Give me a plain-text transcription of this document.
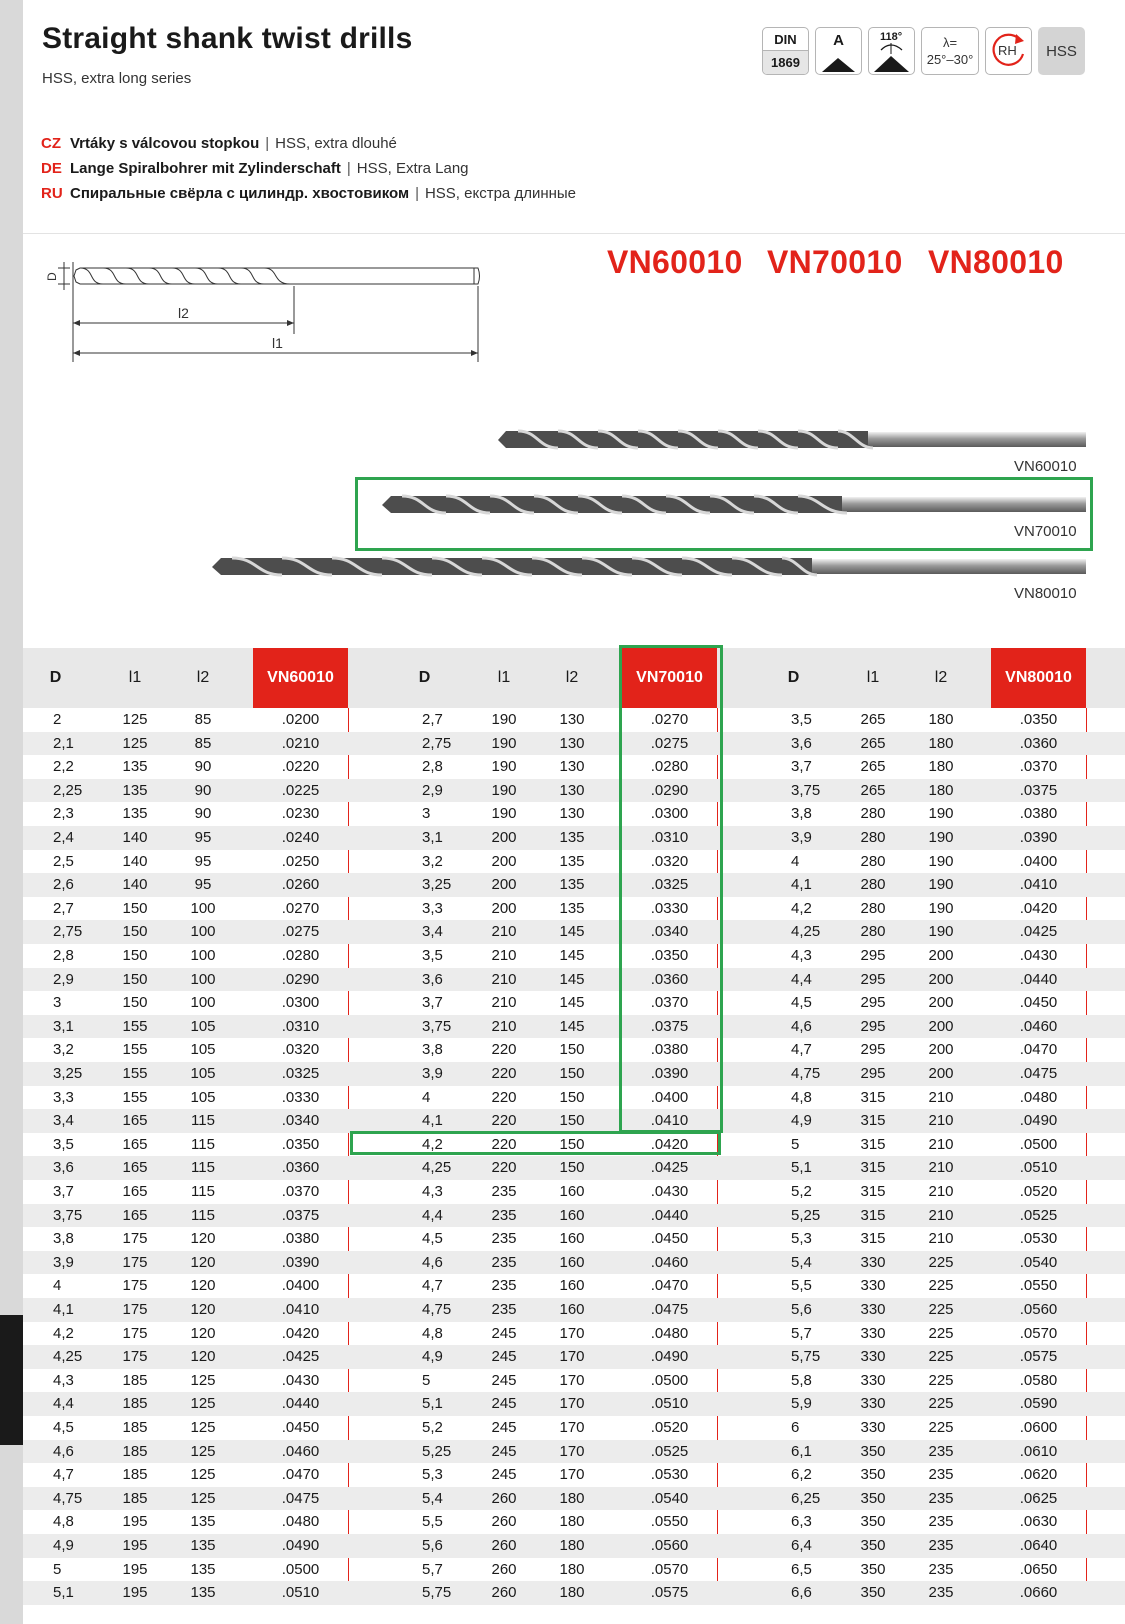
Straight shank twist drills
HSS, extra long series
CZ Vrtáky s válcovou stopkou | HSS, extra dlouhé
DE Lange Spiralbohrer mit Zylinderschaft | HSS, Extra Lang
RU Спиральные свёрла с цилиндр. хвостовиком | HSS, екстра длинные
DIN
1869
A	118°	λ=
25°–30°
RH HSS
VN60010 VN70010 VN80010
D
l2
l1
VN60010
VN70010
VN80010
D	l1	l2	VN60010	D	l1	l2	VN70010	D	l1	l2	VN80010
2	125	85	.0200	2,7	190	130	.0270	3,5	265	180	.0350
2,1	125	85	.0210	2,75	190	130	.0275	3,6	265	180	.0360
2,2	135	90	.0220	2,8	190	130	.0280	3,7	265	180	.0370
2,25	135	90	.0225	2,9	190	130	.0290	3,75	265	180	.0375
2,3	135	90	.0230	3	190	130	.0300	3,8	280	190	.0380
2,4	140	95	.0240	3,1	200	135	.0310	3,9	280	190	.0390
2,5	140	95	.0250	3,2	200	135	.0320	4	280	190	.0400
2,6	140	95	.0260	3,25	200	135	.0325	4,1	280	190	.0410
2,7	150	100	.0270	3,3	200	135	.0330	4,2	280	190	.0420
2,75	150	100	.0275	3,4	210	145	.0340	4,25	280	190	.0425
2,8	150	100	.0280	3,5	210	145	.0350	4,3	295	200	.0430
2,9	150	100	.0290	3,6	210	145	.0360	4,4	295	200	.0440
3	150	100	.0300	3,7	210	145	.0370	4,5	295	200	.0450
3,1	155	105	.0310	3,75	210	145	.0375	4,6	295	200	.0460
3,2	155	105	.0320	3,8	220	150	.0380	4,7	295	200	.0470
3,25	155	105	.0325	3,9	220	150	.0390	4,75	295	200	.0475
3,3	155	105	.0330	4	220	150	.0400	4,8	315	210	.0480
3,4	165	115	.0340	4,1	220	150	.0410	4,9	315	210	.0490
3,5	165	115	.0350	4,2	220	150	.0420	5	315	210	.0500
3,6	165	115	.0360	4,25	220	150	.0425	5,1	315	210	.0510
3,7	165	115	.0370	4,3	235	160	.0430	5,2	315	210	.0520
3,75	165	115	.0375	4,4	235	160	.0440	5,25	315	210	.0525
3,8	175	120	.0380	4,5	235	160	.0450	5,3	315	210	.0530
3,9	175	120	.0390	4,6	235	160	.0460	5,4	330	225	.0540
4	175	120	.0400	4,7	235	160	.0470	5,5	330	225	.0550
4,1	175	120	.0410	4,75	235	160	.0475	5,6	330	225	.0560
4,2	175	120	.0420	4,8	245	170	.0480	5,7	330	225	.0570
4,25	175	120	.0425	4,9	245	170	.0490	5,75	330	225	.0575
4,3	185	125	.0430	5	245	170	.0500	5,8	330	225	.0580
4,4	185	125	.0440	5,1	245	170	.0510	5,9	330	225	.0590
4,5	185	125	.0450	5,2	245	170	.0520	6	330	225	.0600
4,6	185	125	.0460	5,25	245	170	.0525	6,1	350	235	.0610
4,7	185	125	.0470	5,3	245	170	.0530	6,2	350	235	.0620
4,75	185	125	.0475	5,4	260	180	.0540	6,25	350	235	.0625
4,8	195	135	.0480	5,5	260	180	.0550	6,3	350	235	.0630
4,9	195	135	.0490	5,6	260	180	.0560	6,4	350	235	.0640
5	195	135	.0500	5,7	260	180	.0570	6,5	350	235	.0650
5,1	195	135	.0510	5,75	260	180	.0575	6,6	350	235	.0660
